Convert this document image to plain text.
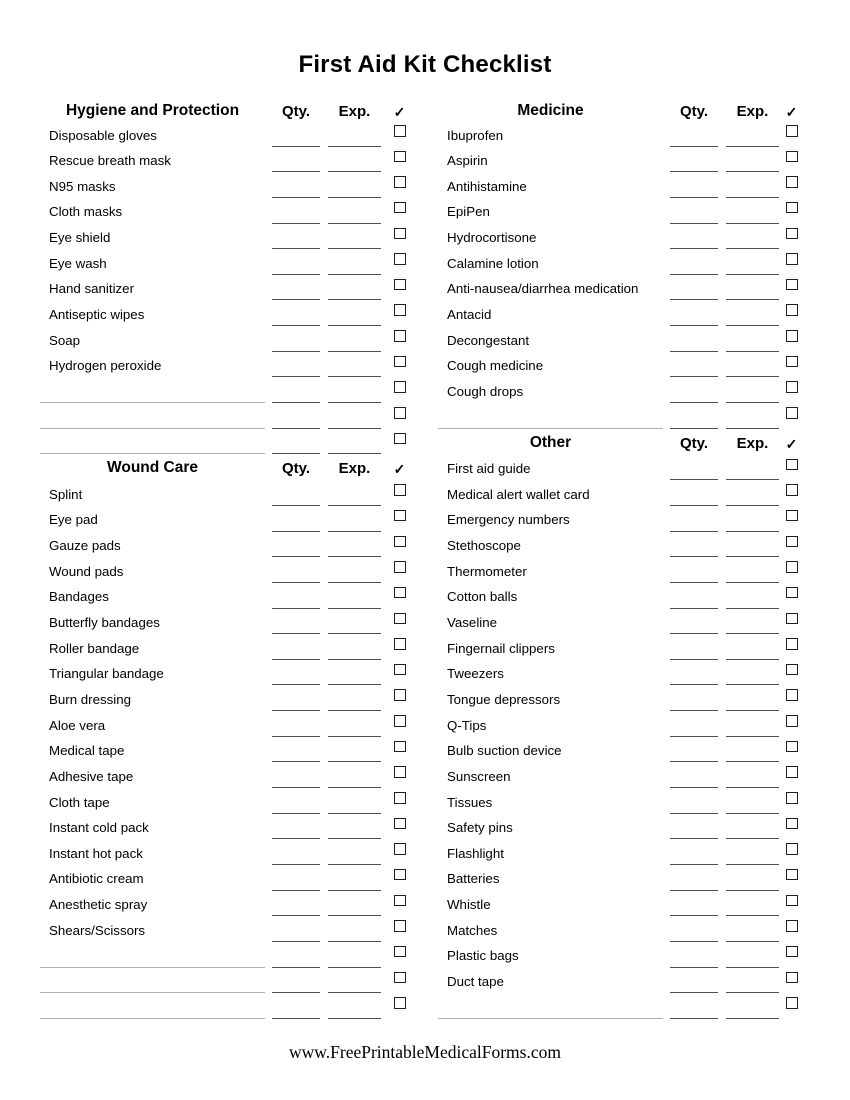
First Aid Kit Checklist
Hygiene and Protection	Qty.	Exp.	✓
Disposable gloves
Rescue breath mask
N95 masks
Cloth masks
Eye shield
Eye wash
Hand sanitizer
Antiseptic wipes
Soap
Hydrogen peroxide
Wound Care	Qty.	Exp.	✓
Splint
Eye pad
Gauze pads
Wound pads
Bandages
Butterfly bandages
Roller bandage
Triangular bandage
Burn dressing
Aloe vera
Medical tape
Adhesive tape
Cloth tape
Instant cold pack
Instant hot pack
Antibiotic cream
Anesthetic spray
Shears/Scissors
Medicine	Qty.	Exp.	✓
Ibuprofen
Aspirin
Antihistamine
EpiPen
Hydrocortisone
Calamine lotion
Anti-nausea/diarrhea medication
Antacid
Decongestant
Cough medicine
Cough drops
Other	Qty.	Exp.	✓
First aid guide
Medical alert wallet card
Emergency numbers
Stethoscope
Thermometer
Cotton balls
Vaseline
Fingernail clippers
Tweezers
Tongue depressors
Q-Tips
Bulb suction device
Sunscreen
Tissues
Safety pins
Flashlight
Batteries
Whistle
Matches
Plastic bags
Duct tape
www.FreePrintableMedicalForms.com
